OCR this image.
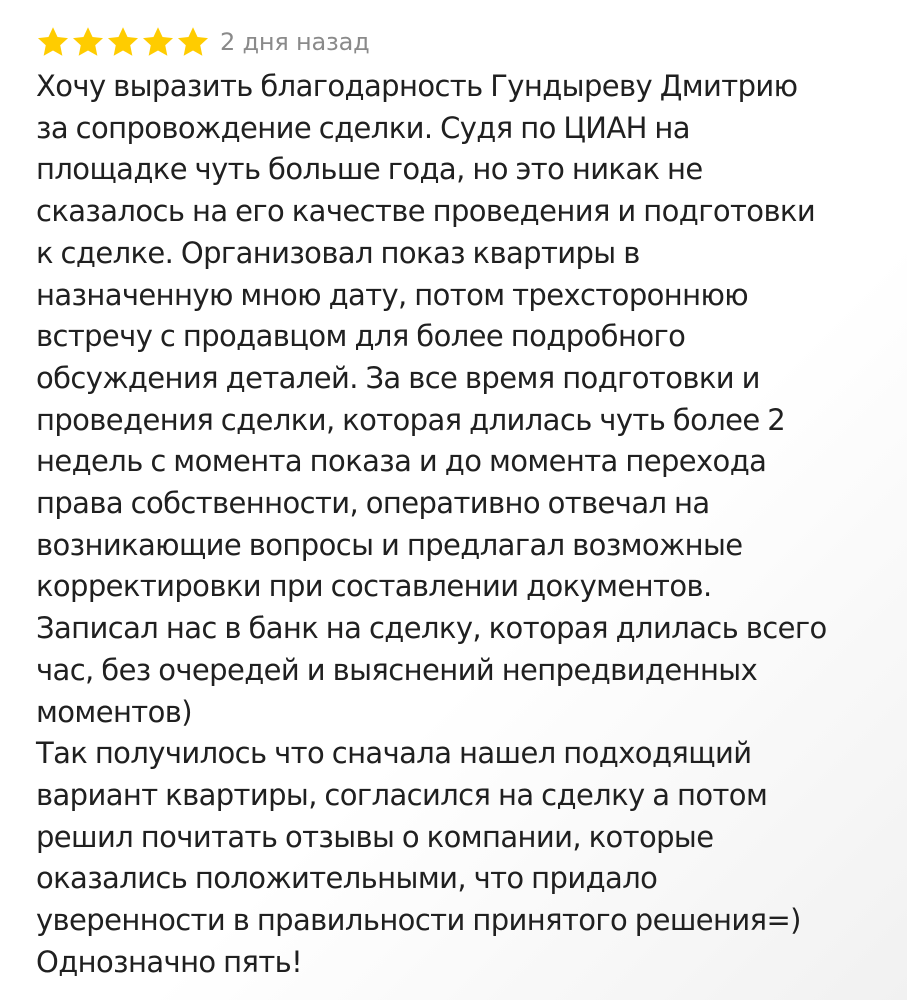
2 дня назад
Хочу выразить благодарность Гундыреву Дмитрию
за сопровождение сделки. Судя по ЦИАН на
площадке чуть больше года, но это никак не
сказалось на его качестве проведения и подготовки
к сделке. Организовал показ квартиры в
назначенную мною дату, потом трехстороннюю
встречу с продавцом для более подробного
обсуждения деталей. За все время подготовки и
проведения сделки, которая длилась чуть более 2
недель с момента показа и до момента перехода
права собственности, оперативно отвечал на
возникающие вопросы и предлагал возможные
корректировки при составлении документов.
Записал нас в банк на сделку, которая длилась всего
час, без очередей и выяснений непредвиденных
моментов)
Так получилось что сначала нашел подходящий
вариант квартиры, согласился на сделку а потом
решил почитать отзывы о компании, которые
оказались положительными, что придало
уверенности в правильности принятого решения=)
Однозначно пять!
